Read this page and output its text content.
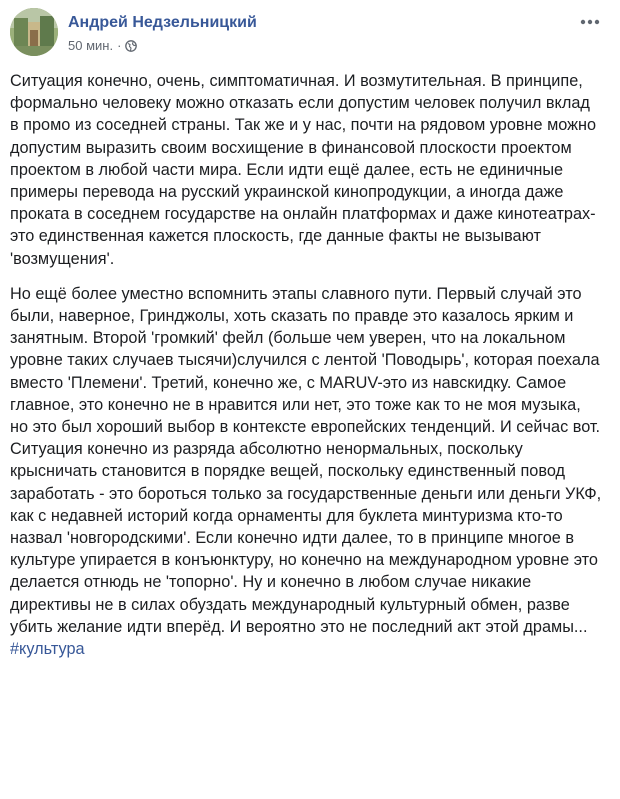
Андрей Недзельницкий
50 мин. ·

Ситуация конечно, очень, симптоматичная. И возмутительная. В принципе, формально человеку можно отказать если допустим человек получил вклад в промо из соседней страны. Так же и у нас, почти на рядовом уровне можно допустим выразить своим восхищение в финансовой плоскости проектом проектом в любой части мира. Если идти ещё далее, есть не единичные примеры перевода на русский украинской кинопродукции, а иногда даже проката в соседнем государстве на онлайн платформах и даже кинотеатрах-это единственная кажется плоскость, где данные факты не вызывают 'возмущения'.

Но ещё более уместно вспомнить этапы славного пути. Первый случай это были, наверное, Гринджолы, хоть сказать по правде это казалось ярким и занятным. Второй 'громкий' фейл (больше чем уверен, что на локальном уровне таких случаев тысячи)случился с лентой 'Поводырь', которая поехала вместо 'Племени'. Третий, конечно же, с MARUV-это из навскидку. Самое главное, это конечно не в нравится или нет, это тоже как то не моя музыка, но это был хороший выбор в контексте европейских тенденций. И сейчас вот. Ситуация конечно из разряда абсолютно ненормальных, поскольку крысничать становится в порядке вещей, поскольку единственный повод заработать - это бороться только за государственные деньги или деньги УКФ, как с недавней историй когда орнаменты для буклета минтуризма кто-то назвал 'новгородскими'. Если конечно идти далее, то в принципе многое в культуре упирается в конъюнктуру, но конечно на международном уровне это делается отнюдь не 'топорно'. Ну и конечно в любом случае никакие директивы не в силах обуздать международный культурный обмен, разве убить желание идти вперёд. И вероятно это не последний акт этой драмы...
#культура
